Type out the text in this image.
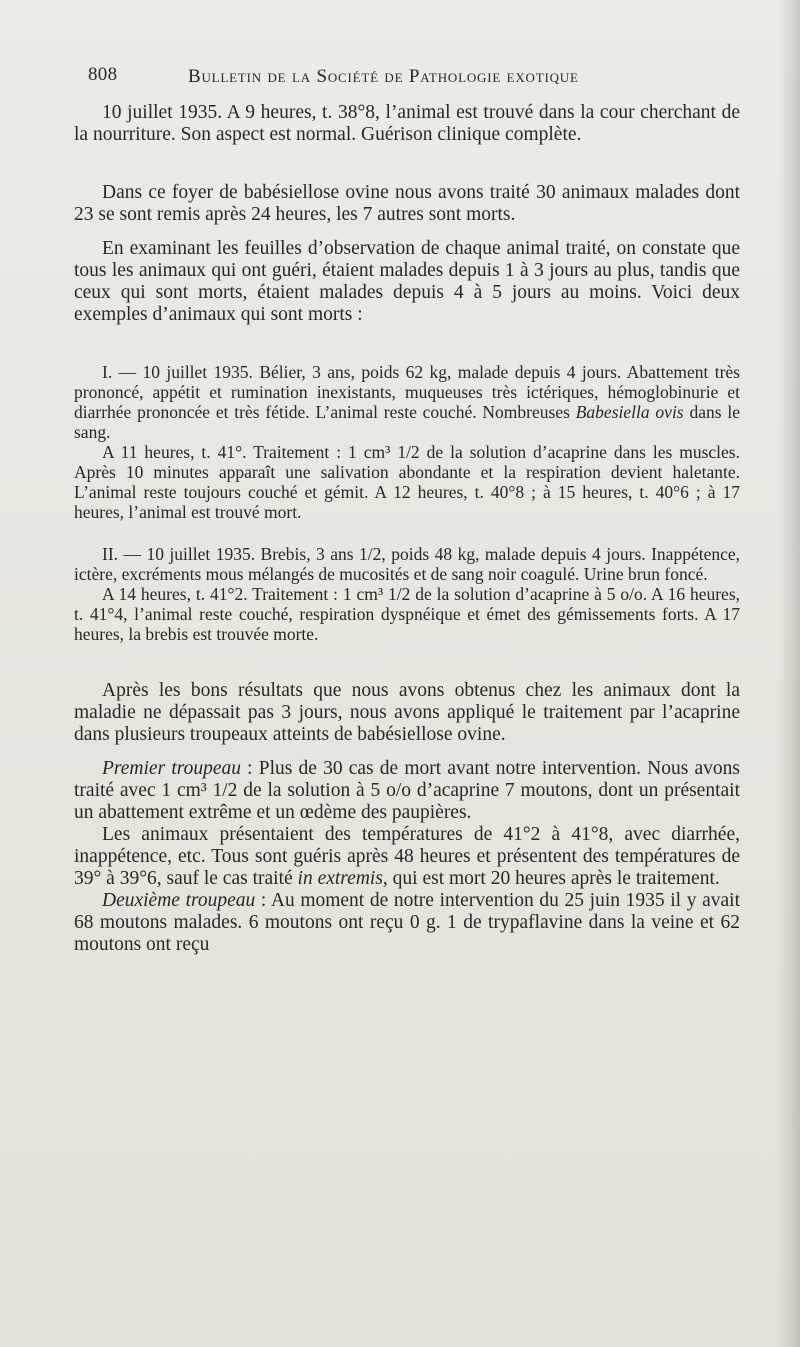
808	Bulletin de la Société de Pathologie exotique

10 juillet 1935. A 9 heures, t. 38°8, l’animal est trouvé dans la cour cherchant de la nourriture. Son aspect est normal. Guérison clinique complète.

Dans ce foyer de babésiellose ovine nous avons traité 30 animaux malades dont 23 se sont remis après 24 heures, les 7 autres sont morts.

En examinant les feuilles d’observation de chaque animal traité, on constate que tous les animaux qui ont guéri, étaient malades depuis 1 à 3 jours au plus, tandis que ceux qui sont morts, étaient malades depuis 4 à 5 jours au moins. Voici deux exemples d’animaux qui sont morts :

I. — 10 juillet 1935. Bélier, 3 ans, poids 62 kg, malade depuis 4 jours. Abattement très prononcé, appétit et rumination inexistants, muqueuses très ictériques, hémoglobinurie et diarrhée prononcée et très fétide. L’animal reste couché. Nombreuses Babesiella ovis dans le sang.

A 11 heures, t. 41°. Traitement : 1 cm³ 1/2 de la solution d’acaprine dans les muscles. Après 10 minutes apparaît une salivation abondante et la respiration devient haletante. L’animal reste toujours couché et gémit. A 12 heures, t. 40°8 ; à 15 heures, t. 40°6 ; à 17 heures, l’animal est trouvé mort.

II. — 10 juillet 1935. Brebis, 3 ans 1/2, poids 48 kg, malade depuis 4 jours. Inappétence, ictère, excréments mous mélangés de mucosités et de sang noir coagulé. Urine brun foncé.

A 14 heures, t. 41°2. Traitement : 1 cm³ 1/2 de la solution d’acaprine à 5 o/o. A 16 heures, t. 41°4, l’animal reste couché, respiration dyspnéique et émet des gémissements forts. A 17 heures, la brebis est trouvée morte.

Après les bons résultats que nous avons obtenus chez les animaux dont la maladie ne dépassait pas 3 jours, nous avons appliqué le traitement par l’acaprine dans plusieurs troupeaux atteints de babésiellose ovine.

Premier troupeau : Plus de 30 cas de mort avant notre intervention. Nous avons traité avec 1 cm³ 1/2 de la solution à 5 o/o d’acaprine 7 moutons, dont un présentait un abattement extrême et un œdème des paupières.

Les animaux présentaient des températures de 41°2 à 41°8, avec diarrhée, inappétence, etc. Tous sont guéris après 48 heures et présentent des températures de 39° à 39°6, sauf le cas traité in extremis, qui est mort 20 heures après le traitement.

Deuxième troupeau : Au moment de notre intervention du 25 juin 1935 il y avait 68 moutons malades. 6 moutons ont reçu 0 g. 1 de trypaflavine dans la veine et 62 moutons ont reçu
